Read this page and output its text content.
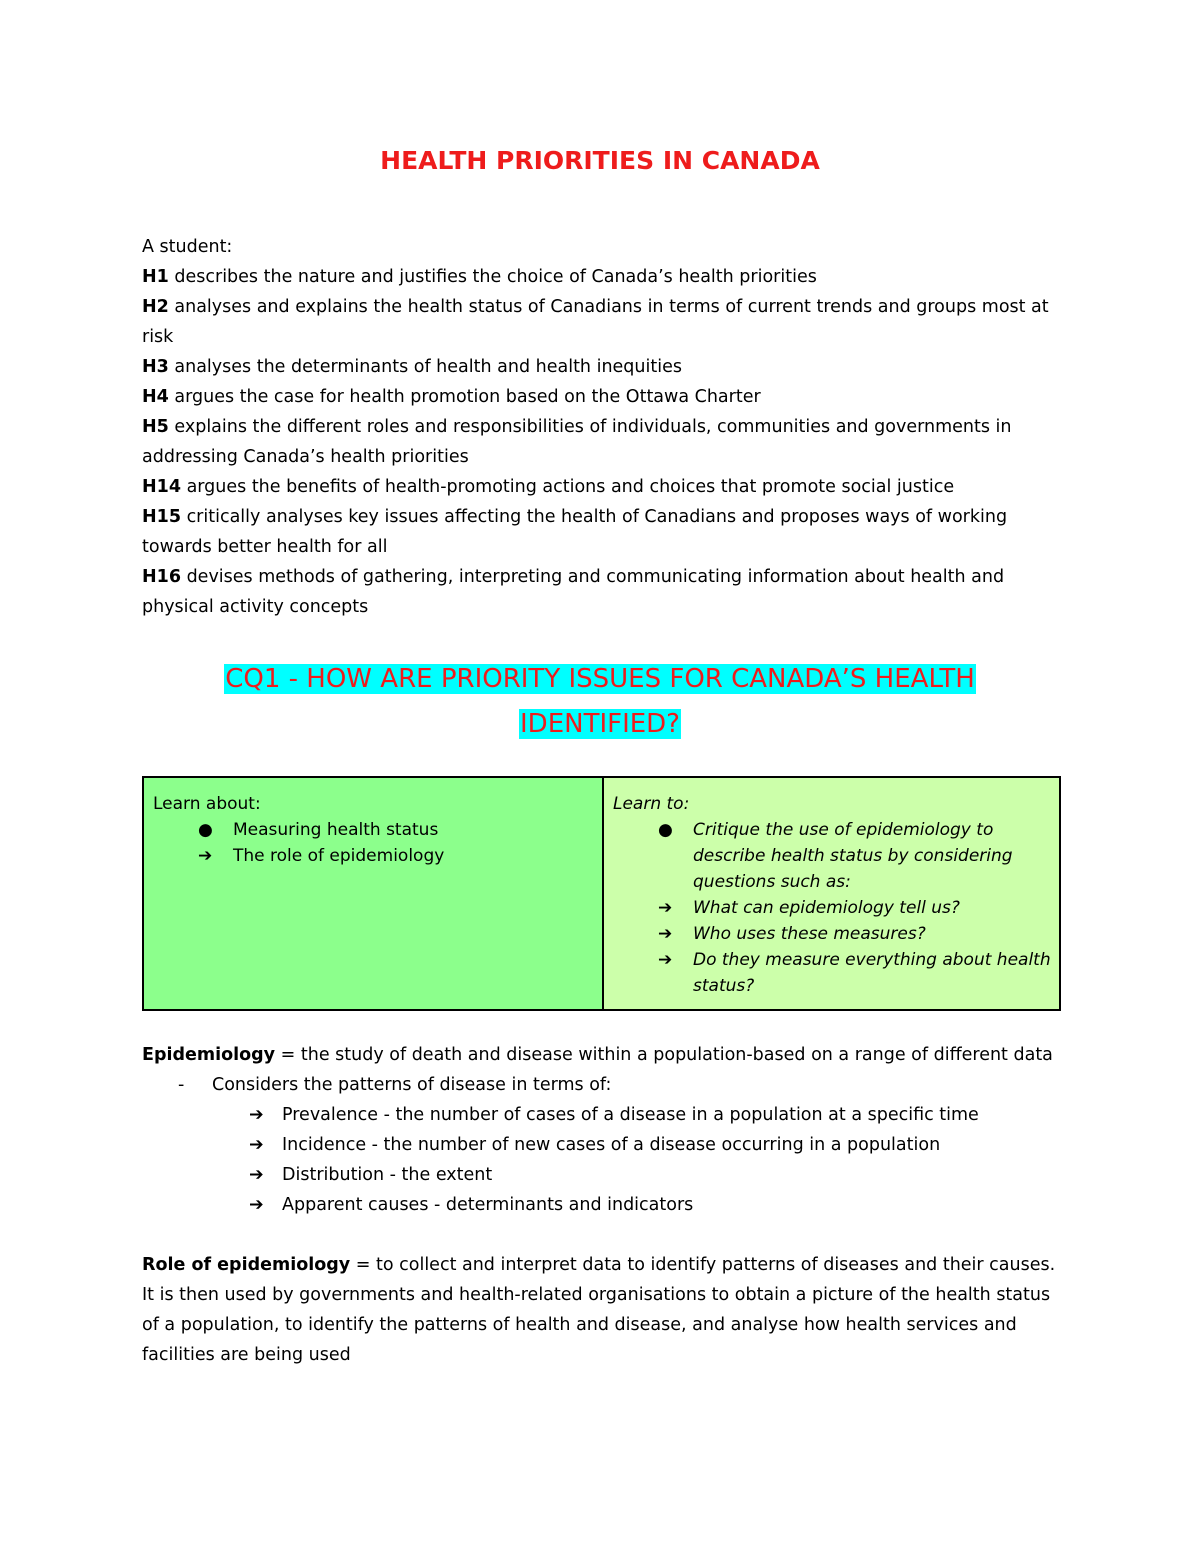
HEALTH PRIORITIES IN CANADA

A student:

H1 describes the nature and justifies the choice of Canada’s health priorities

H2 analyses and explains the health status of Canadians in terms of current trends and groups most at risk

H3 analyses the determinants of health and health inequities

H4 argues the case for health promotion based on the Ottawa Charter

H5 explains the different roles and responsibilities of individuals, communities and governments in addressing Canada’s health priorities

H14 argues the benefits of health-promoting actions and choices that promote social justice

H15 critically analyses key issues affecting the health of Canadians and proposes ways of working towards better health for all

H16 devises methods of gathering, interpreting and communicating information about health and physical activity concepts

CQ1 - HOW ARE PRIORITY ISSUES FOR CANADA’S HEALTH
IDENTIFIED?
Learn about:
● Measuring health status
➔ The role of epidemiology

Learn to:
● Critique the use of epidemiology to describe health status by considering questions such as:
➔ What can epidemiology tell us?
➔ Who uses these measures?
➔ Do they measure everything about health status?

Epidemiology = the study of death and disease within a population-based on a range of different data

- Considers the patterns of disease in terms of:

➔ Prevalence - the number of cases of a disease in a population at a specific time
➔ Incidence - the number of new cases of a disease occurring in a population
➔ Distribution - the extent
➔ Apparent causes - determinants and indicators
Role of epidemiology = to collect and interpret data to identify patterns of diseases and their causes. It is then used by governments and health-related organisations to obtain a picture of the health status of a population, to identify the patterns of health and disease, and analyse how health services and facilities are being used
